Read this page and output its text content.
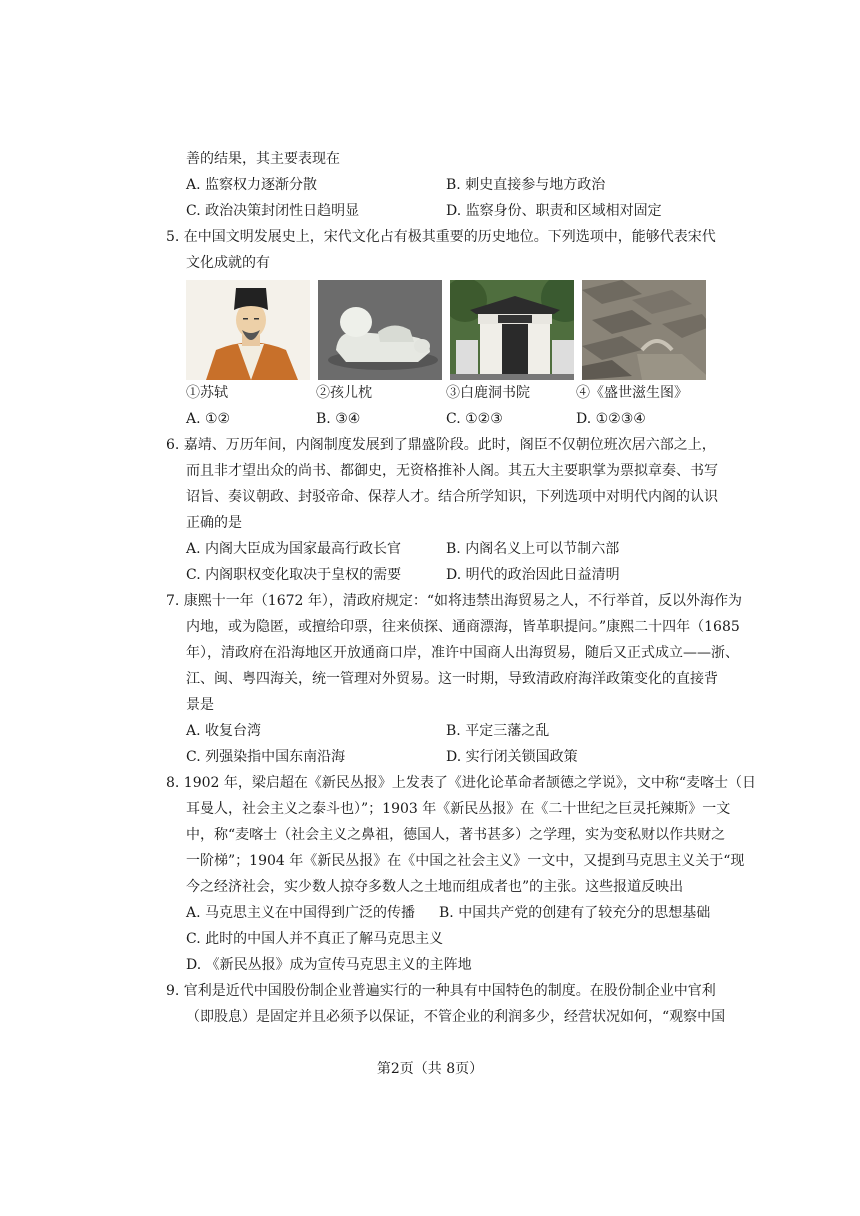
善的结果，其主要表现在
A. 监察权力逐渐分散	B. 刺史直接参与地方政治
C. 政治决策封闭性日趋明显	D. 监察身份、职责和区域相对固定
5. 在中国文明发展史上，宋代文化占有极其重要的历史地位。下列选项中，能够代表宋代
文化成就的有
①苏轼	②孩儿枕	③白鹿洞书院	④《盛世滋生图》
A. ①②	B. ③④	C. ①②③	D. ①②③④
6. 嘉靖、万历年间，内阁制度发展到了鼎盛阶段。此时，阁臣不仅朝位班次居六部之上，
而且非才望出众的尚书、都御史，无资格推补人阁。其五大主要职掌为票拟章奏、书写
诏旨、奏议朝政、封驳帝命、保荐人才。结合所学知识，下列选项中对明代内阁的认识
正确的是
A. 内阁大臣成为国家最高行政长官	B. 内阁名义上可以节制六部
C. 内阁职权变化取决于皇权的需要	D. 明代的政治因此日益清明
7. 康熙十一年（1672 年），清政府规定：“如将违禁出海贸易之人，不行举首，反以外海作为
内地，或为隐匿，或擅给印票，往来侦探、通商漂海，皆革职提问。”康熙二十四年（1685
年），清政府在沿海地区开放通商口岸，准许中国商人出海贸易，随后又正式成立——浙、
江、闽、粤四海关，统一管理对外贸易。这一时期，导致清政府海洋政策变化的直接背
景是
A. 收复台湾	B. 平定三藩之乱
C. 列强染指中国东南沿海	D. 实行闭关锁国政策
8. 1902 年，梁启超在《新民丛报》上发表了《进化论革命者颉德之学说》，文中称“麦喀士（日
耳曼人，社会主义之泰斗也）”；1903 年《新民丛报》在《二十世纪之巨灵托辣斯》一文
中，称“麦喀士（社会主义之鼻祖，德国人，著书甚多）之学理，实为变私财以作共财之
一阶梯”；1904 年《新民丛报》在《中国之社会主义》一文中，又提到马克思主义关于“现
今之经济社会，实少数人掠夺多数人之土地而组成者也”的主张。这些报道反映出
A. 马克思主义在中国得到广泛的传播 B. 中国共产党的创建有了较充分的思想基础
C. 此时的中国人并不真正了解马克思主义
D. 《新民丛报》成为宣传马克思主义的主阵地
9. 官利是近代中国股份制企业普遍实行的一种具有中国特色的制度。在股份制企业中官利
（即股息）是固定并且必须予以保证，不管企业的利润多少，经营状况如何，“观察中国
第2页（共 8页）
